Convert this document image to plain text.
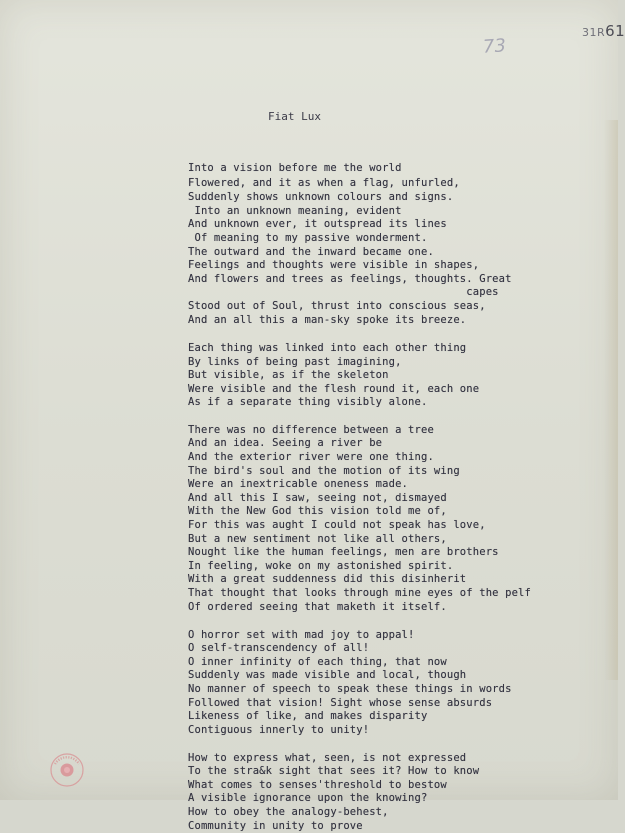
31R61
73
Fiat Lux
Into a vision before me the world
Flowered, and it as when a flag, unfurled,
Suddenly shows unknown colours and signs.
Into an unknown meaning, evident
And unknown ever, it outspread its lines
Of meaning to my passive wonderment.
The outward and the inward became one.
Feelings and thoughts were visible in shapes,
And flowers and trees as feelings, thoughts. Great
capes
Stood out of Soul, thrust into conscious seas,
And an all this a man-sky spoke its breeze.
Each thing was linked into each other thing
By links of being past imagining,
But visible, as if the skeleton
Were visible and the flesh round it, each one
As if a separate thing visibly alone.
There was no difference between a tree
And an idea. Seeing a river be
And the exterior river were one thing.
The bird's soul and the motion of its wing
Were an inextricable oneness made.
And all this I saw, seeing not, dismayed
With the New God this vision told me of,
For this was aught I could not speak has love,
But a new sentiment not like all others,
Nought like the human feelings, men are brothers
In feeling, woke on my astonished spirit.
With a great suddenness did this disinherit
That thought that looks through mine eyes of the pelf
Of ordered seeing that maketh it itself.
O horror set with mad joy to appal!
O self-transcendency of all!
O inner infinity of each thing, that now
Suddenly was made visible and local, though
No manner of speech to speak these things in words
Followed that vision! Sight whose sense absurds
Likeness of like, and makes disparity
Contiguous innerly to unity!
How to express what, seen, is not expressed
To the stra&k sight that sees it? How to know
What comes to senses'threshold to bestow
A visible ignorance upon the knowing?
How to obey the analogy-behest,
Community in unity to prove
